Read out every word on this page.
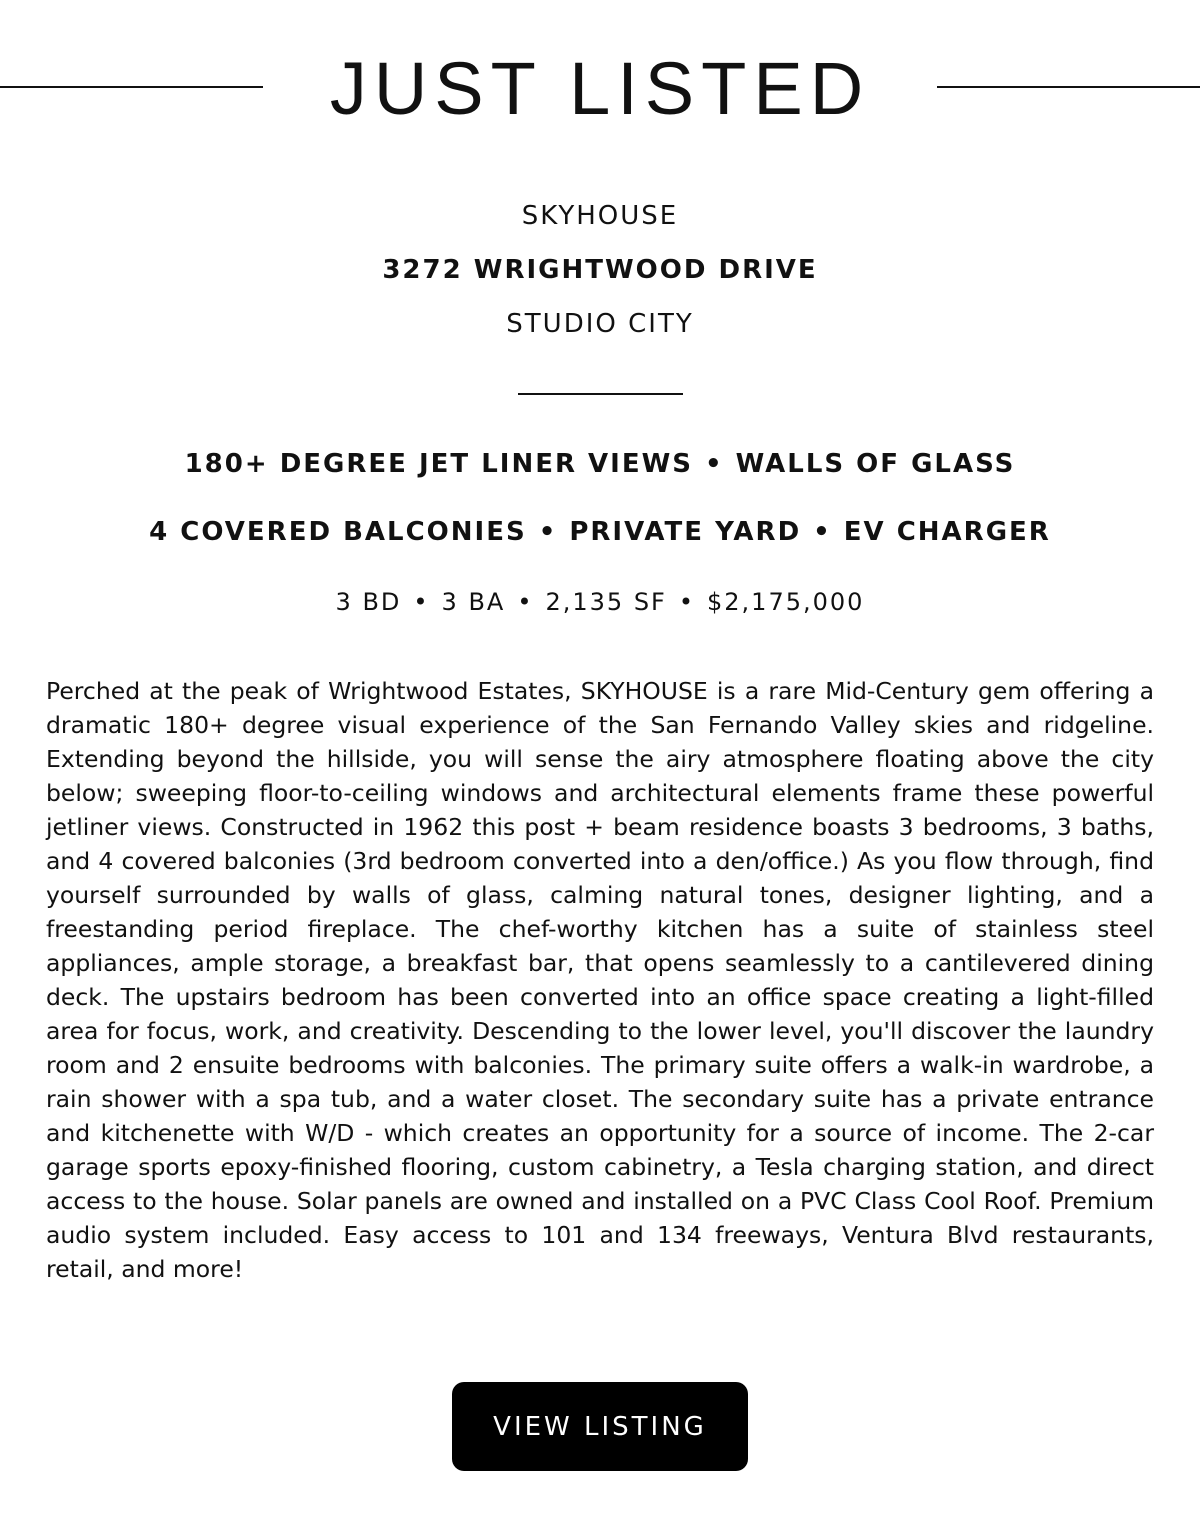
JUST LISTED
SKYHOUSE
3272 WRIGHTWOOD DRIVE
STUDIO CITY
180+ DEGREE JET LINER VIEWS • WALLS OF GLASS
4 COVERED BALCONIES • PRIVATE YARD • EV CHARGER
3 BD • 3 BA • 2,135 SF • $2,175,000

Perched at the peak of Wrightwood Estates, SKYHOUSE is a rare Mid-Century gem offering a dramatic 180+ degree visual experience of the San Fernando Valley skies and ridgeline. Extending beyond the hillside, you will sense the airy atmosphere floating above the city below; sweeping floor-to-ceiling windows and architectural elements frame these powerful jetliner views. Constructed in 1962 this post + beam residence boasts 3 bedrooms, 3 baths, and 4 covered balconies (3rd bedroom converted into a den/office.) As you flow through, find yourself surrounded by walls of glass, calming natural tones, designer lighting, and a freestanding period fireplace. The chef-worthy kitchen has a suite of stainless steel appliances, ample storage, a breakfast bar, that opens seamlessly to a cantilevered dining deck. The upstairs bedroom has been converted into an office space creating a light-filled area for focus, work, and creativity. Descending to the lower level, you'll discover the laundry room and 2 ensuite bedrooms with balconies. The primary suite offers a walk-in wardrobe, a rain shower with a spa tub, and a water closet. The secondary suite has a private entrance and kitchenette with W/D - which creates an opportunity for a source of income. The 2-car garage sports epoxy-finished flooring, custom cabinetry, a Tesla charging station, and direct access to the house. Solar panels are owned and installed on a PVC Class Cool Roof. Premium audio system included. Easy access to 101 and 134 freeways, Ventura Blvd restaurants, retail, and more!

VIEW LISTING
